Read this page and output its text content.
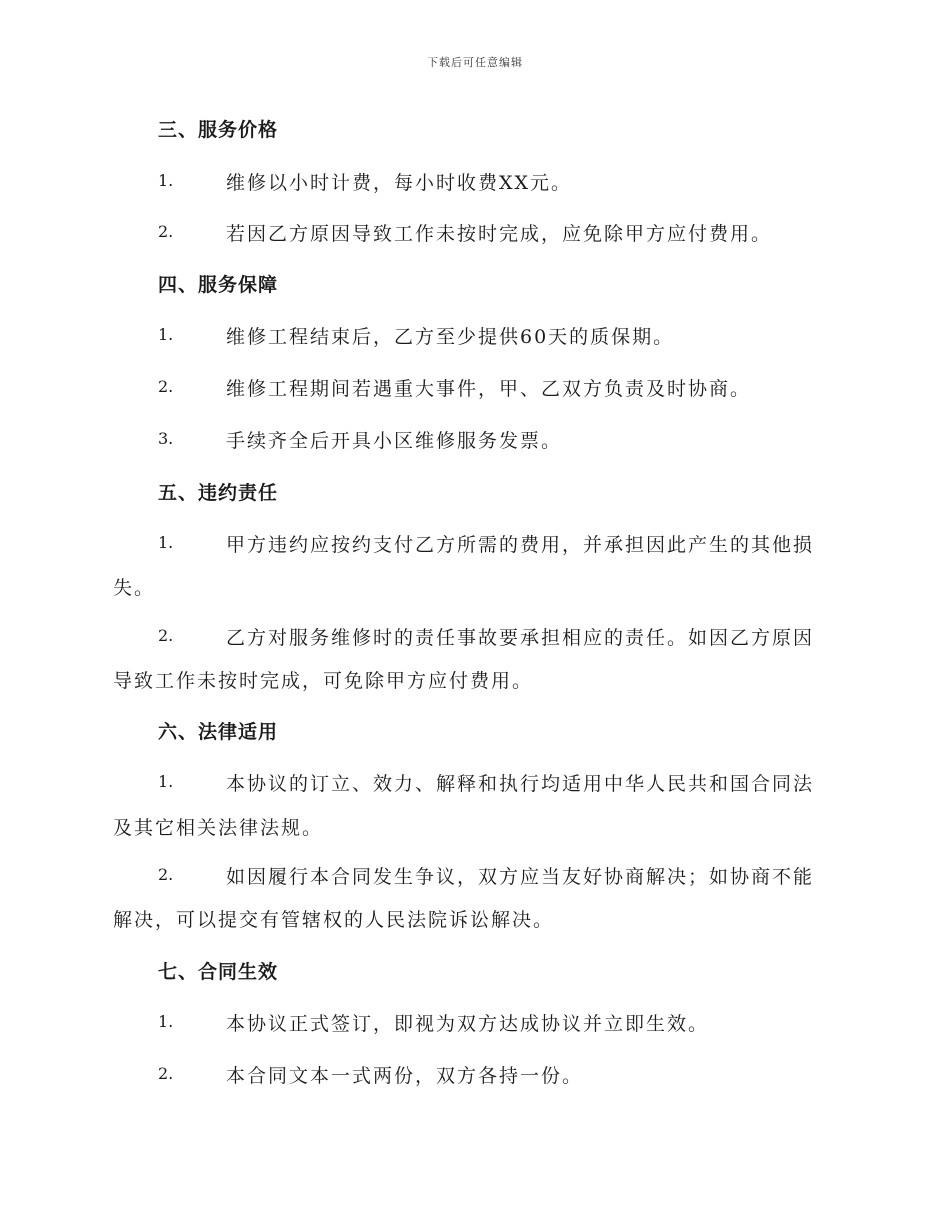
下载后可任意编辑
三、服务价格
1.	维修以小时计费，每小时收费XX元。
2.	若因乙方原因导致工作未按时完成，应免除甲方应付费用。
四、服务保障
1.	维修工程结束后，乙方至少提供60天的质保期。
2.	维修工程期间若遇重大事件，甲、乙双方负责及时协商。
3.	手续齐全后开具小区维修服务发票。
五、违约责任
1.	甲方违约应按约支付乙方所需的费用，并承担因此产生的其他损
失。
2.	乙方对服务维修时的责任事故要承担相应的责任。如因乙方原因
导致工作未按时完成，可免除甲方应付费用。
六、法律适用
1.	本协议的订立、效力、解释和执行均适用中华人民共和国合同法
及其它相关法律法规。
2.	如因履行本合同发生争议，双方应当友好协商解决；如协商不能
解决，可以提交有管辖权的人民法院诉讼解决。
七、合同生效
1.	本协议正式签订，即视为双方达成协议并立即生效。
2.	本合同文本一式两份，双方各持一份。
